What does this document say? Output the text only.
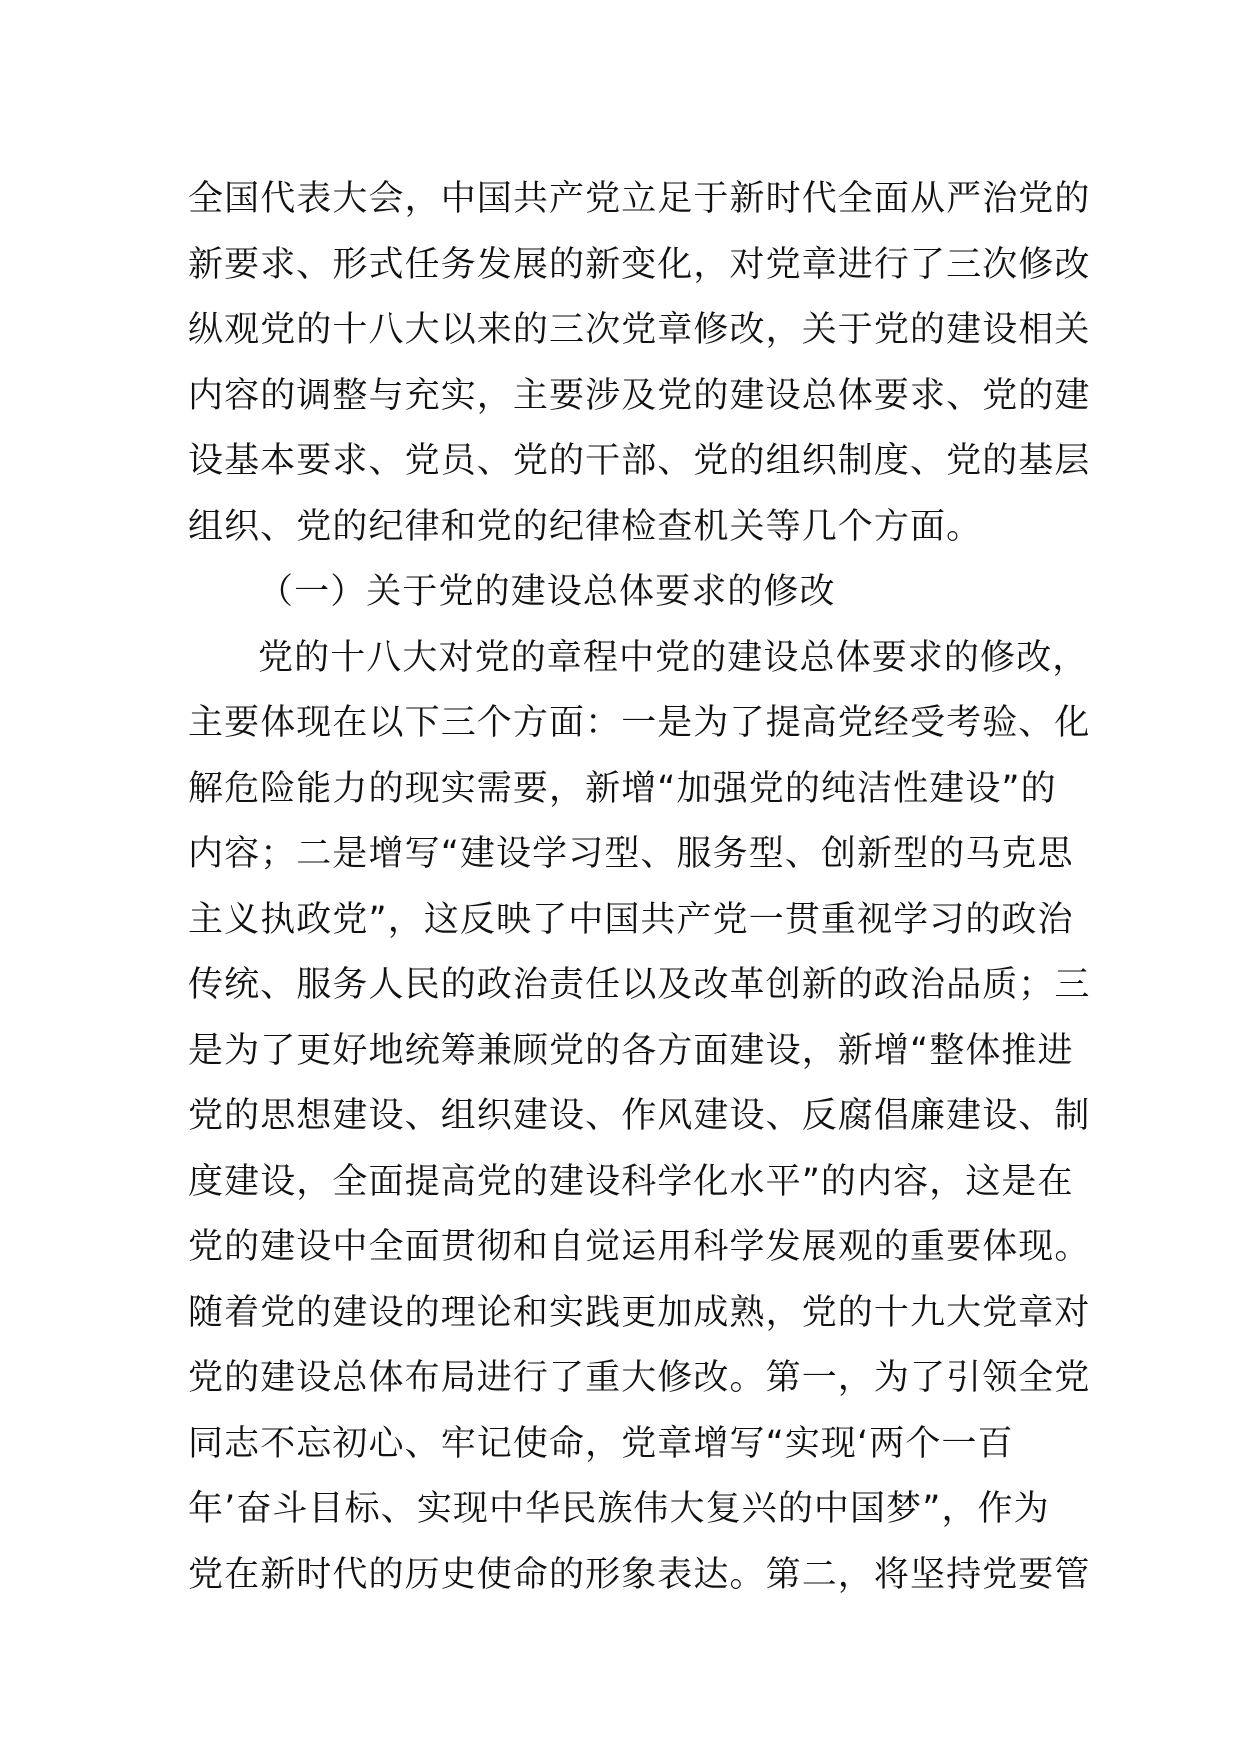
全国代表大会，中国共产党立足于新时代全面从严治党的
新要求、形式任务发展的新变化，对党章进行了三次修改
纵观党的十八大以来的三次党章修改，关于党的建设相关
内容的调整与充实，主要涉及党的建设总体要求、党的建
设基本要求、党员、党的干部、党的组织制度、党的基层
组织、党的纪律和党的纪律检查机关等几个方面。
（一）关于党的建设总体要求的修改
党的十八大对党的章程中党的建设总体要求的修改，
主要体现在以下三个方面：一是为了提高党经受考验、化
解危险能力的现实需要，新增“加强党的纯洁性建设”的
内容；二是增写“建设学习型、服务型、创新型的马克思
主义执政党”，这反映了中国共产党一贯重视学习的政治
传统、服务人民的政治责任以及改革创新的政治品质；三
是为了更好地统筹兼顾党的各方面建设，新增“整体推进
党的思想建设、组织建设、作风建设、反腐倡廉建设、制
度建设，全面提高党的建设科学化水平”的内容，这是在
党的建设中全面贯彻和自觉运用科学发展观的重要体现。
随着党的建设的理论和实践更加成熟，党的十九大党章对
党的建设总体布局进行了重大修改。第一，为了引领全党
同志不忘初心、牢记使命，党章增写“实现‘两个一百
年’奋斗目标、实现中华民族伟大复兴的中国梦”，作为
党在新时代的历史使命的形象表达。第二，将坚持党要管
